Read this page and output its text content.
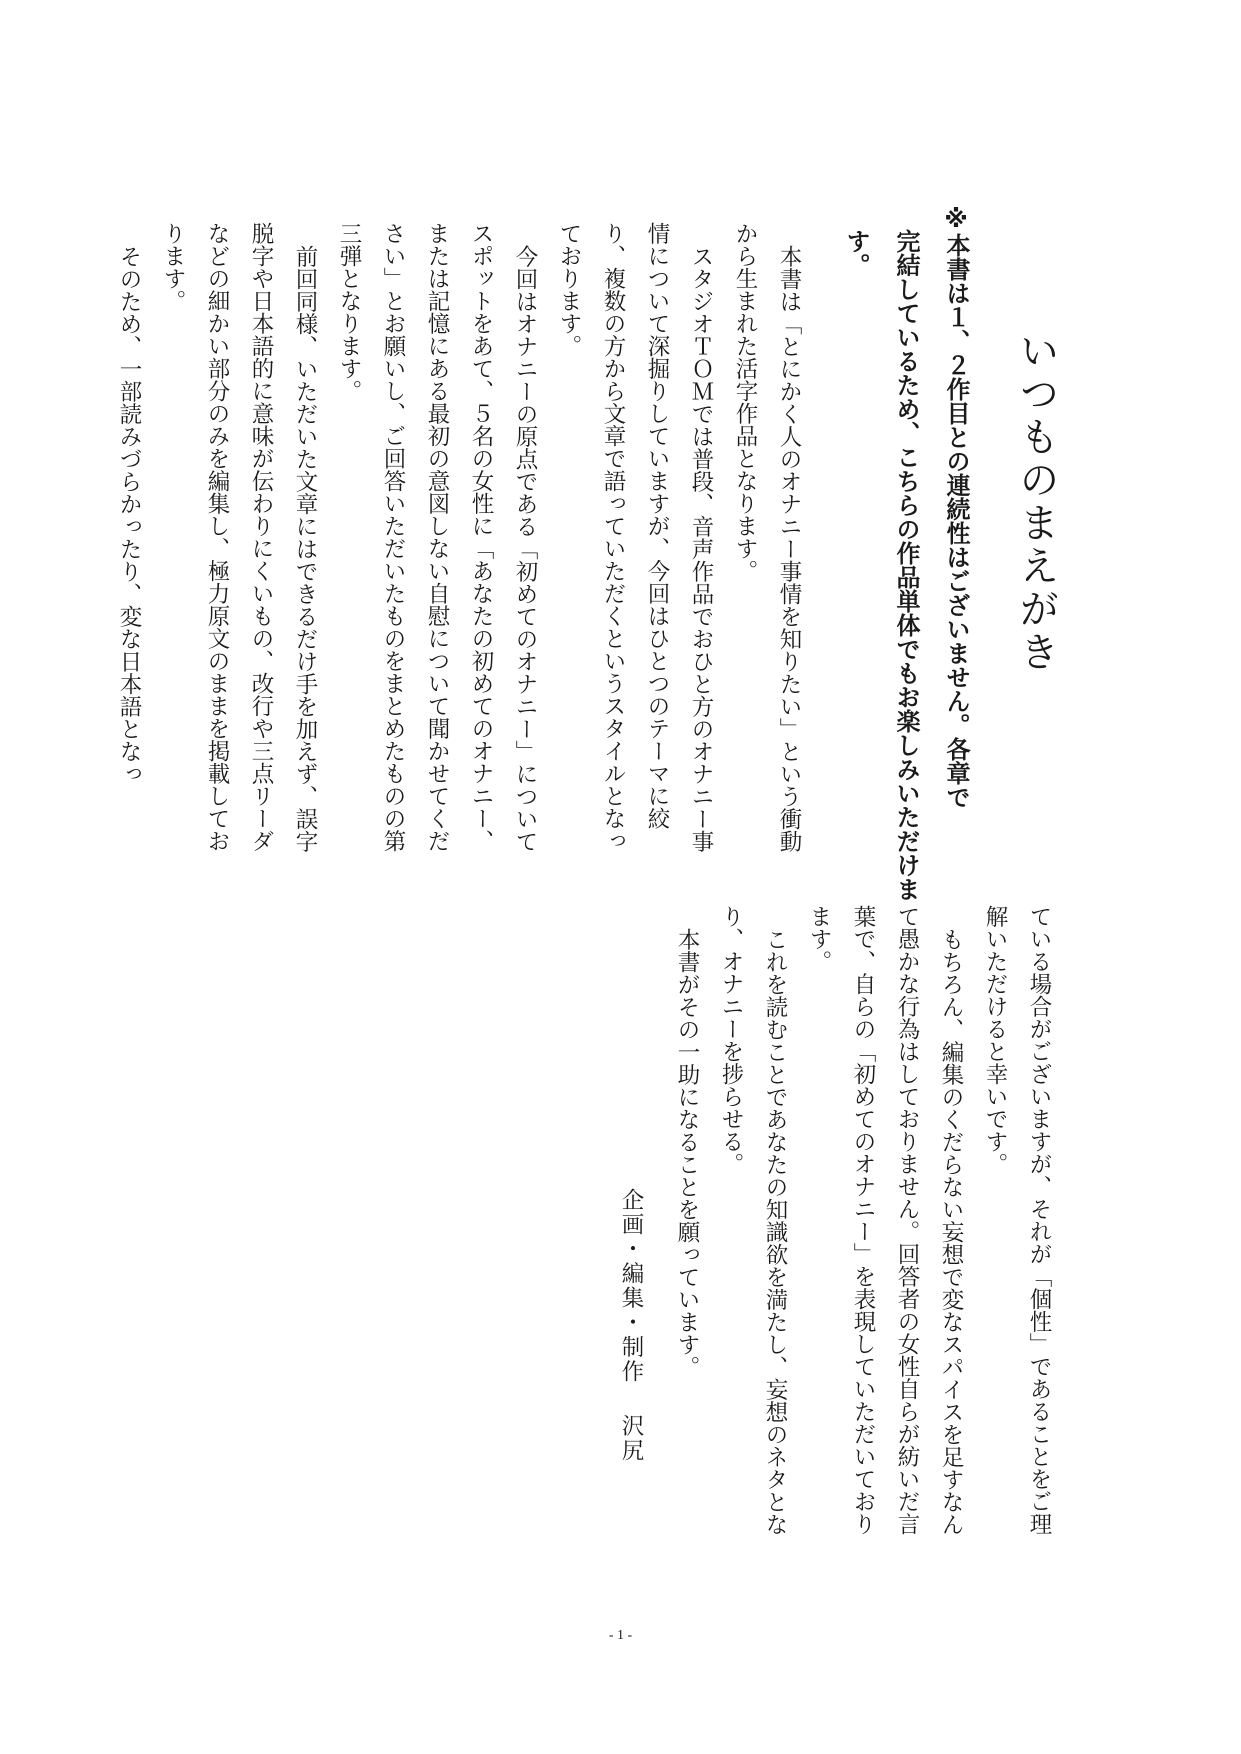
いつものまえがき

※本書は１、２作目との連続性はございません。各章で

完結しているため、こちらの作品単体でもお楽しみいただけます。

本書は「とにかく人のオナニー事情を知りたい」という衝動から生まれた活字作品となります。

スタジオＴＯＭでは普段、音声作品でおひと方のオナニー事情について深掘りしていますが、今回はひとつのテーマに絞り、複数の方から文章で語っていただくというスタイルとなっております。

今回はオナニーの原点である「初めてのオナニー」について スポットをあて、５名の女性に「あなたの初めてのオナニー、または記憶にある最初の意図しない自慰について聞かせてください」とお願いし、ご回答いただいたものをまとめたものの第三弾となります。

前回同様、いただいた文章にはできるだけ手を加えず、誤字脱字や日本語的に意味が伝わりにくいもの、改行や三点リーダなどの細かい部分のみを編集し、極力原文のままを掲載しております。

そのため、一部読みづらかったり、変な日本語となっ

ている場合がございますが、それが「個性」であることをご理解いただけると幸いです。

もちろん、編集のくだらない妄想で変なスパイスを足すなんて愚かな行為はしておりません。回答者の女性自らが紡いだ言葉で、自らの「初めてのオナニー」を表現していただいております。

これを読むことであなたの知識欲を満たし、妄想のネタとなり、オナニーを捗らせる。

本書がその一助になることを願っています。

企画・編集・制作沢尻
- 1 -
